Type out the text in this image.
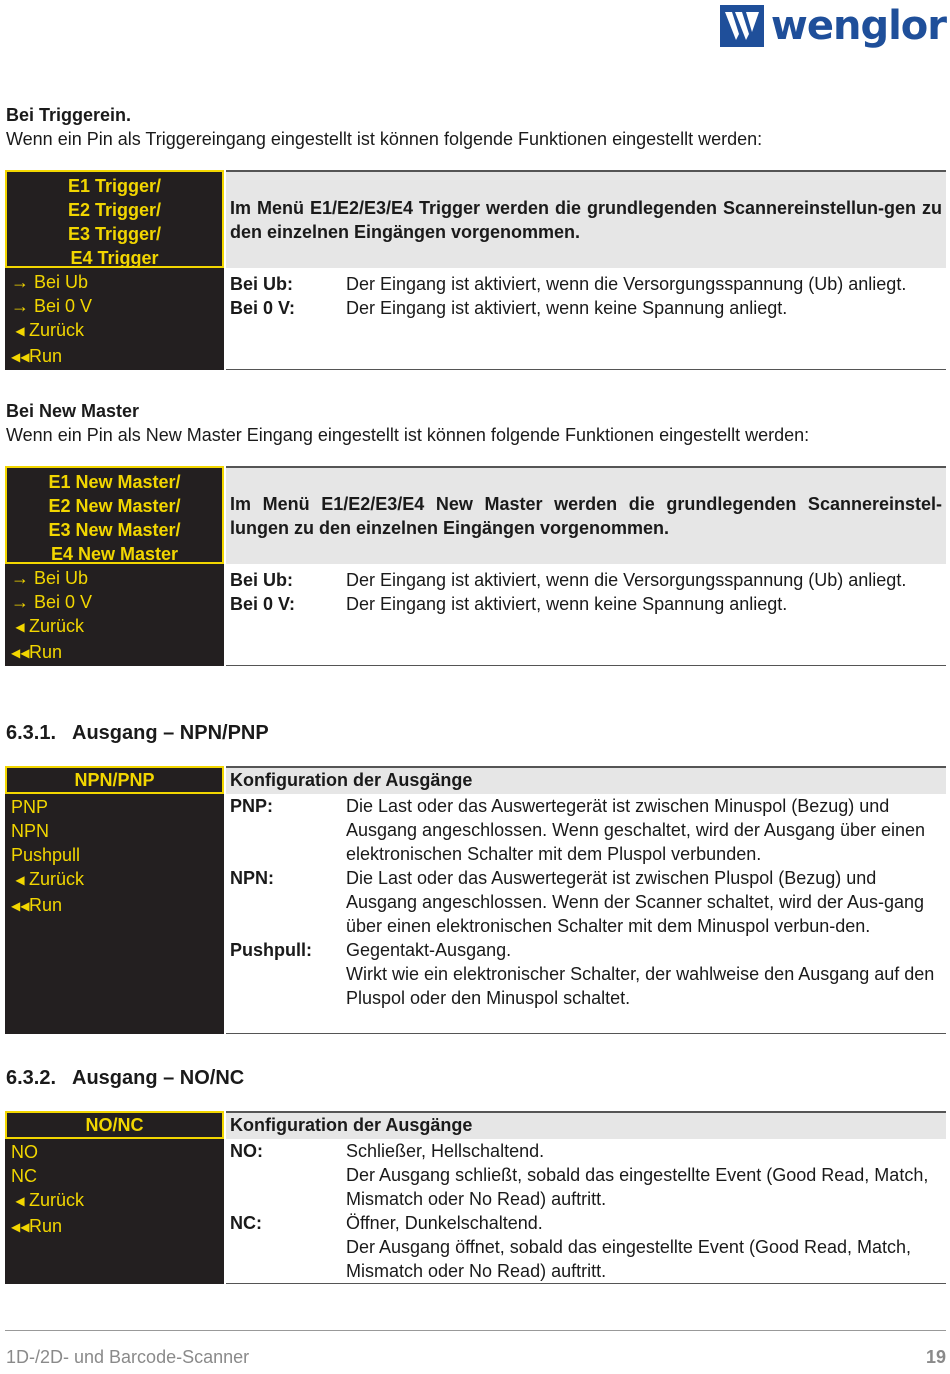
wenglor
Bei Triggerein.
Wenn ein Pin als Triggereingang eingestellt ist können folgende Funktionen eingestellt werden:
E1 Trigger/
E2 Trigger/
E3 Trigger/
E4 Trigger
→ Bei Ub
→ Bei 0 V
◀ Zurück
◀◀Run
Im Menü E1/E2/E3/E4 Trigger werden die grundlegenden Scannereinstellun-gen zu den einzelnen Eingängen vorgenommen.
Bei Ub:	Der Eingang ist aktiviert, wenn die Versorgungsspannung (Ub) anliegt.
Bei 0 V:	Der Eingang ist aktiviert, wenn keine Spannung anliegt.
Bei New Master
Wenn ein Pin als New Master Eingang eingestellt ist können folgende Funktionen eingestellt werden:
E1 New Master/
E2 New Master/
E3 New Master/
E4 New Master
→ Bei Ub
→ Bei 0 V
◀ Zurück
◀◀Run
Im Menü E1/E2/E3/E4 New Master werden die grundlegenden Scannereinstel-lungen zu den einzelnen Eingängen vorgenommen.
Bei Ub:	Der Eingang ist aktiviert, wenn die Versorgungsspannung (Ub) anliegt.
Bei 0 V:	Der Eingang ist aktiviert, wenn keine Spannung anliegt.
6.3.1. Ausgang – NPN/PNP
NPN/PNP
PNP
NPN
Pushpull
◀ Zurück
◀◀Run
Konfiguration der Ausgänge
PNP:	Die Last oder das Auswertegerät ist zwischen Minuspol (Bezug) und Ausgang angeschlossen. Wenn geschaltet, wird der Ausgang über einen elektronischen Schalter mit dem Pluspol verbunden.
NPN:	Die Last oder das Auswertegerät ist zwischen Pluspol (Bezug) und Ausgang angeschlossen. Wenn der Scanner schaltet, wird der Aus-gang über einen elektronischen Schalter mit dem Minuspol verbun-den.
Pushpull:	Gegentakt-Ausgang.
Wirkt wie ein elektronischer Schalter, der wahlweise den Ausgang auf den Pluspol oder den Minuspol schaltet.
6.3.2. Ausgang – NO/NC
NO/NC
NO
NC
◀ Zurück
◀◀Run
Konfiguration der Ausgänge
NO:	Schließer, Hellschaltend.
Der Ausgang schließt, sobald das eingestellte Event (Good Read, Match, Mismatch oder No Read) auftritt.
NC:	Öffner, Dunkelschaltend.
Der Ausgang öffnet, sobald das eingestellte Event (Good Read, Match, Mismatch oder No Read) auftritt.
1D-/2D- und Barcode-Scanner	19
